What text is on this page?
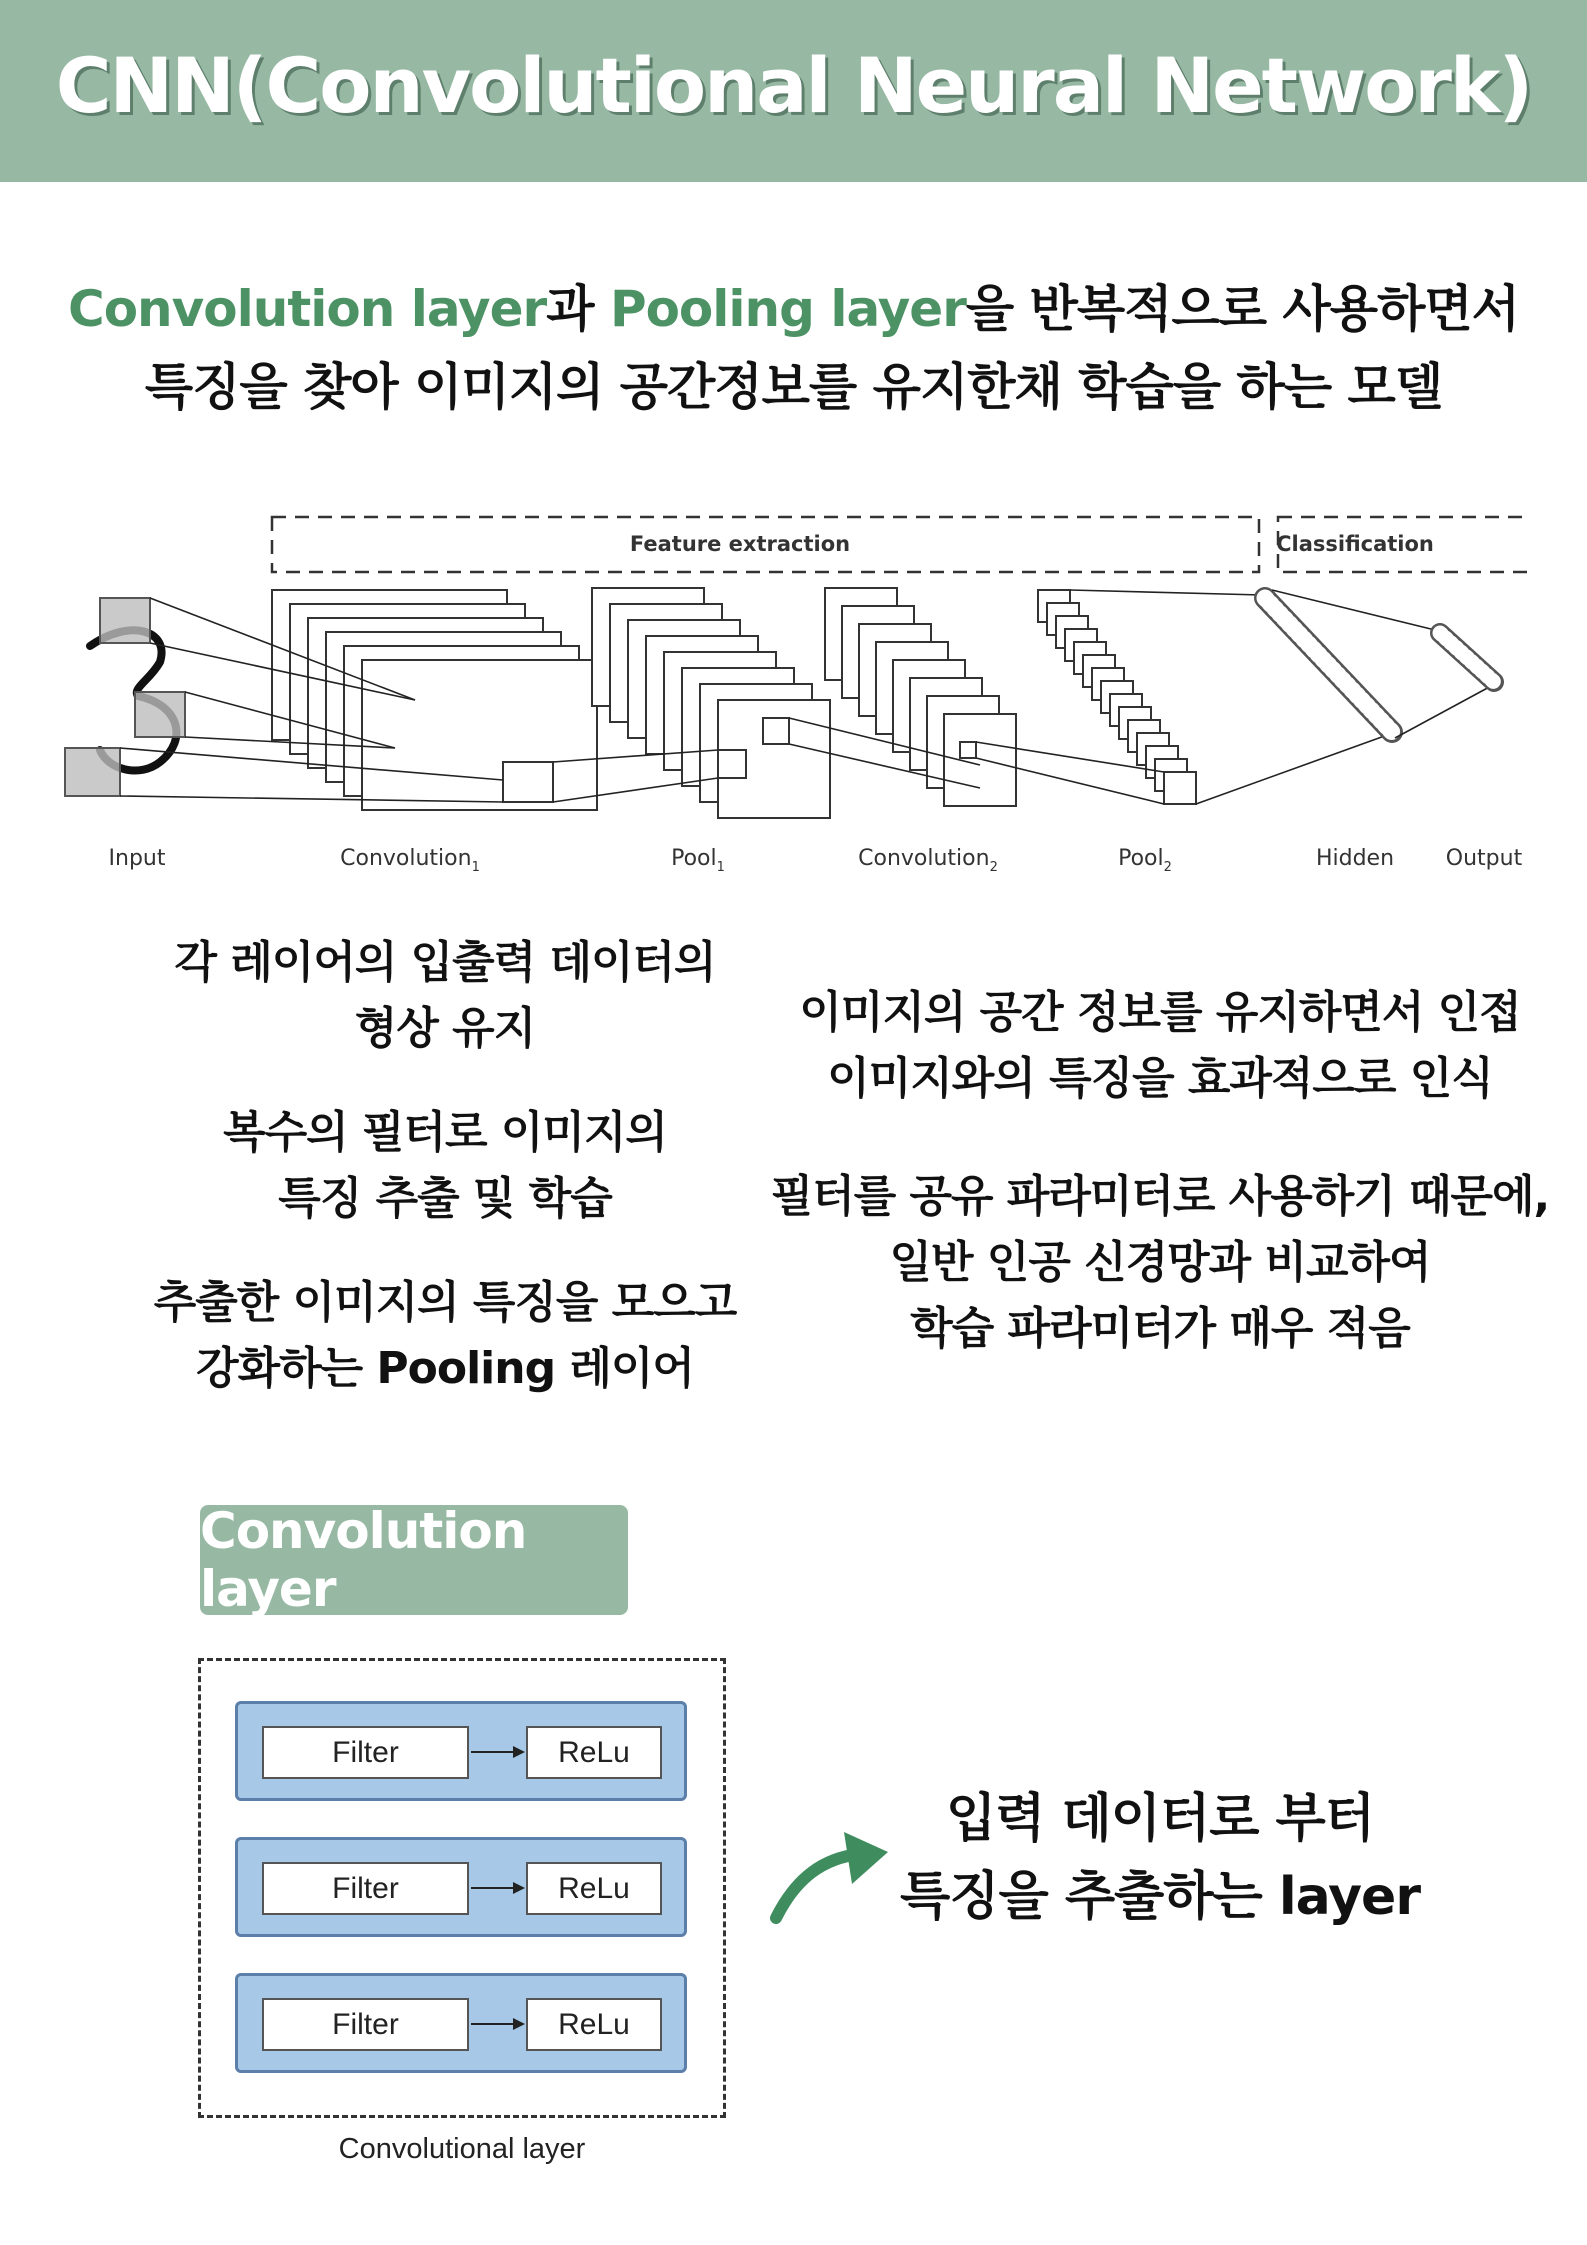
CNN(Convolutional Neural Network)
Convolution layer과 Pooling layer을 반복적으로 사용하면서
특징을 찾아 이미지의 공간정보를 유지한채 학습을 하는 모델
Feature extraction	Classification
Input	Convolution$_1$	Pool$_1$	Convolution$_2$	Pool$_2$	Hidden Output
각 레이어의 입출력 데이터의
형상 유지
복수의 필터로 이미지의
특징 추출 및 학습
추출한 이미지의 특징을 모으고
강화하는 Pooling 레이어
이미지의 공간 정보를 유지하면서 인접
이미지와의 특징을 효과적으로 인식
필터를 공유 파라미터로 사용하기 때문에,
일반 인공 신경망과 비교하여
학습 파라미터가 매우 적음
Convolution layer
Filter	ReLu
Filter	ReLu
Filter	ReLu
Convolutional layer
입력 데이터로 부터
특징을 추출하는 layer
